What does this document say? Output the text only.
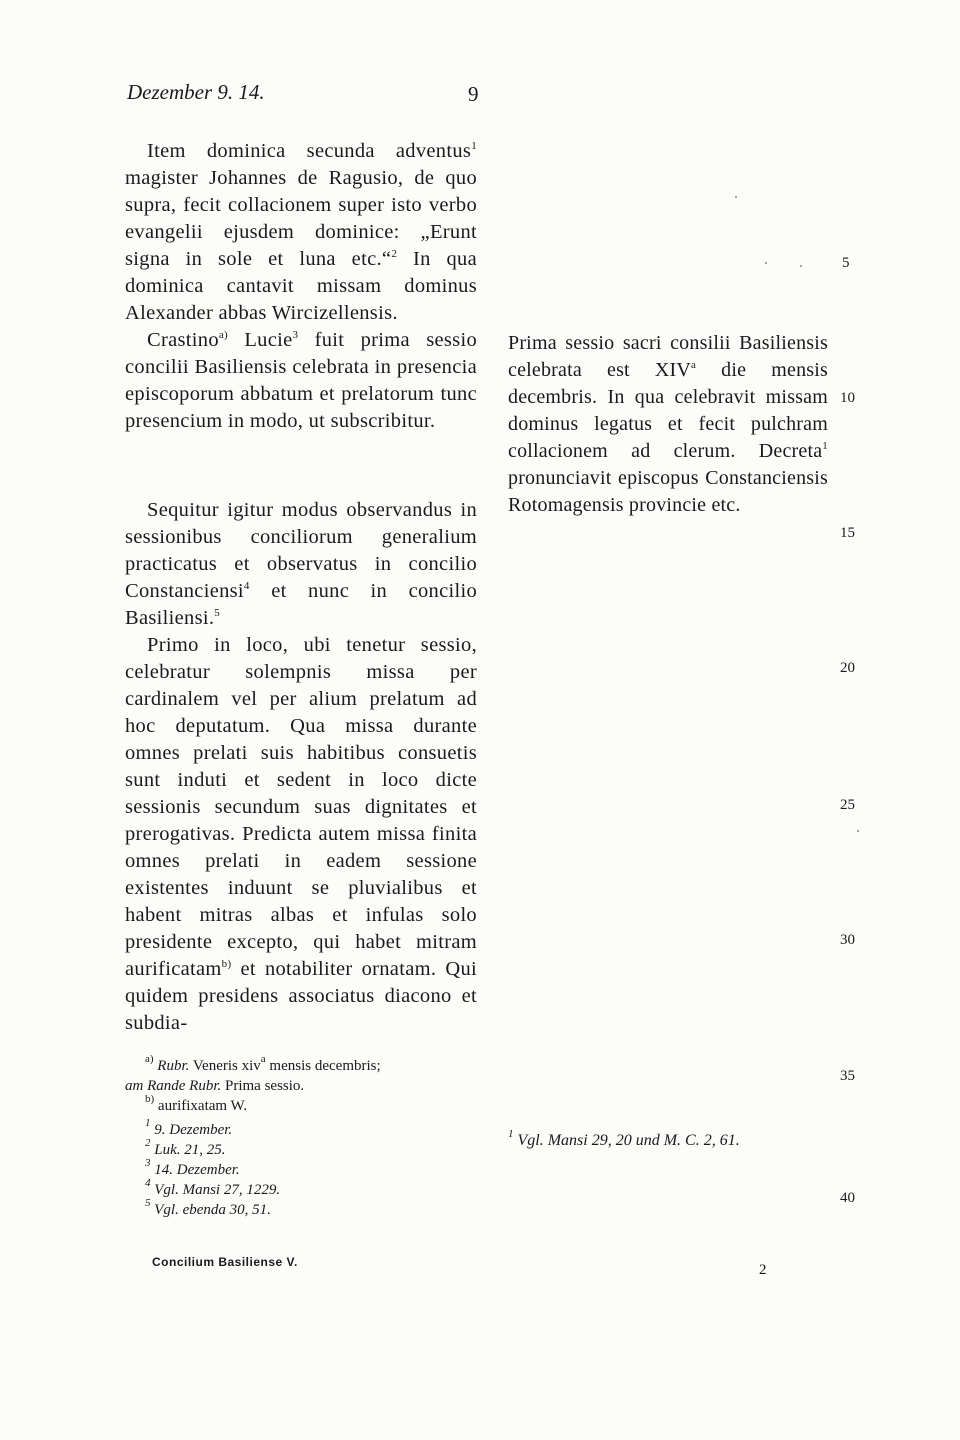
Dezember 9. 14.	9

Item dominica secunda adventus$^1$ magister Johannes de Ragusio, de quo supra, fecit collacionem super isto verbo evangelii ejusdem dominice: „Erunt signa in sole et luna etc.“$^2$ In qua dominica cantavit missam dominus Alexander abbas Wircizellensis.

Crastino$^{a)}$ Lucie$^3$ fuit prima sessio concilii Basiliensis celebrata in presencia episcoporum abbatum et prelatorum tunc presencium in modo, ut subscribitur.

Sequitur igitur modus observandus in sessionibus conciliorum generalium practicatus et observatus in concilio Constanciensi$^4$ et nunc in concilio Basiliensi.$^5$

Primo in loco, ubi tenetur sessio, celebratur solempnis missa per cardinalem vel per alium prelatum ad hoc deputatum. Qua missa durante omnes prelati suis habitibus consuetis sunt induti et sedent in loco dicte sessionis secundum suas dignitates et prerogativas. Predicta autem missa finita omnes prelati in eadem sessione existentes induunt se pluvialibus et habent mitras albas et infulas solo presidente excepto, qui habet mitram aurificatam$^{b)}$ et notabiliter ornatam. Qui quidem presidens associatus diacono et subdia-

Prima sessio sacri consilii Basiliensis celebrata est XIV$^a$ die mensis decembris. In qua celebravit missam dominus legatus et fecit pulchram collacionem ad clerum. Decreta$^1$ pronunciavit episcopus Constanciensis Rotomagensis provincie etc.

5
10
15
20
25
30
35
40
$^{a)}$ Rubr. Veneris xiv$^a$ mensis decembris;
am Rande Rubr. Prima sessio.
$^{b)}$ aurifixatam W.
$^1$ 9. Dezember.
$^2$ Luk. 21, 25.
$^3$ 14. Dezember.
$^4$ Vgl. Mansi 27, 1229.
$^5$ Vgl. ebenda 30, 51.
$^1$ Vgl. Mansi 29, 20 und M. C. 2, 61.
Concilium Basiliense V.	2
